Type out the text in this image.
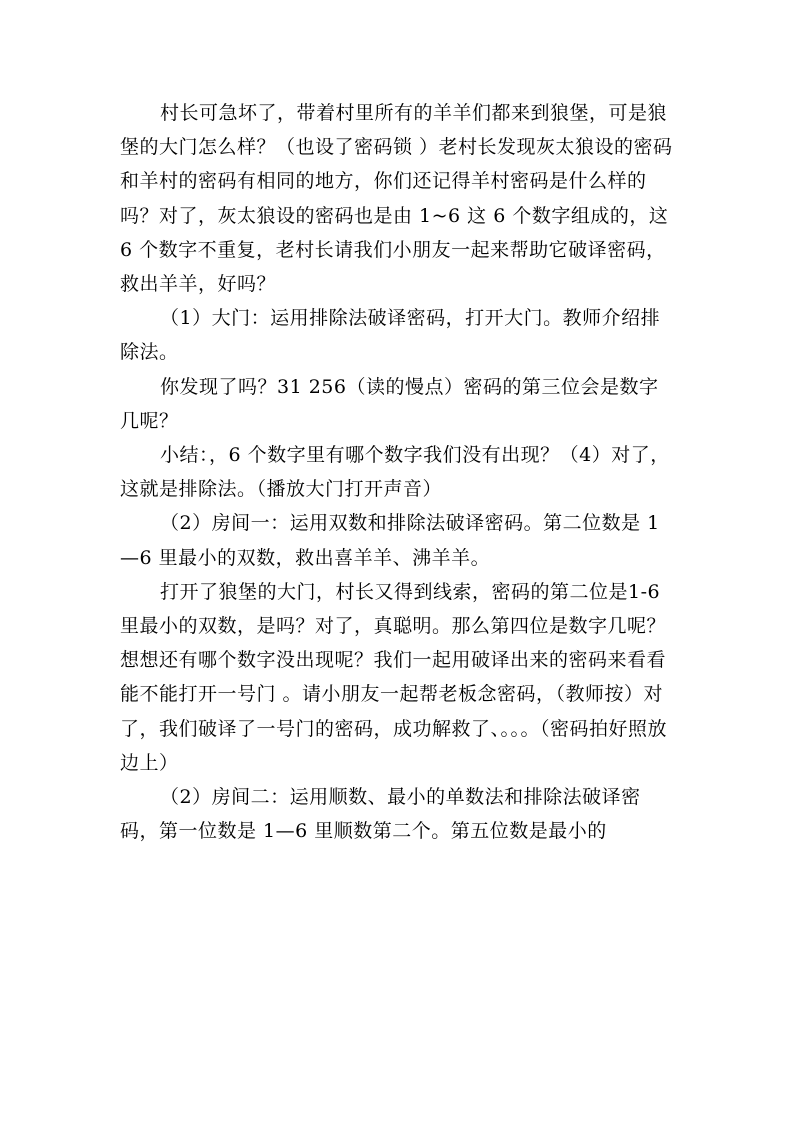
村长可急坏了，带着村里所有的羊羊们都来到狼堡，可是狼堡的大门怎么样？（也设了密码锁 ）老村长发现灰太狼设的密码和羊村的密码有相同的地方，你们还记得羊村密码是什么样的吗？对了，灰太狼设的密码也是由 1~6 这 6 个数字组成的，这 6 个数字不重复，老村长请我们小朋友一起来帮助它破译密码，救出羊羊，好吗？

（1）大门：运用排除法破译密码，打开大门。教师介绍排除法。

你发现了吗？31 256（读的慢点）密码的第三位会是数字几呢？

小结：，6 个数字里有哪个数字我们没有出现？（4）对了，这就是排除法。（播放大门打开声音）

（2）房间一：运用双数和排除法破译密码。第二位数是 1—6 里最小的双数，救出喜羊羊、沸羊羊。

打开了狼堡的大门，村长又得到线索，密码的第二位是1-6 里最小的双数，是吗？对了，真聪明。那么第四位是数字几呢？想想还有哪个数字没出现呢？我们一起用破译出来的密码来看看能不能打开一号门 。请小朋友一起帮老板念密码，（教师按）对了，我们破译了一号门的密码，成功解救了、。。。（密码拍好照放边上）

（2）房间二：运用顺数、最小的单数法和排除法破译密码，第一位数是 1—6 里顺数第二个。第五位数是最小的
